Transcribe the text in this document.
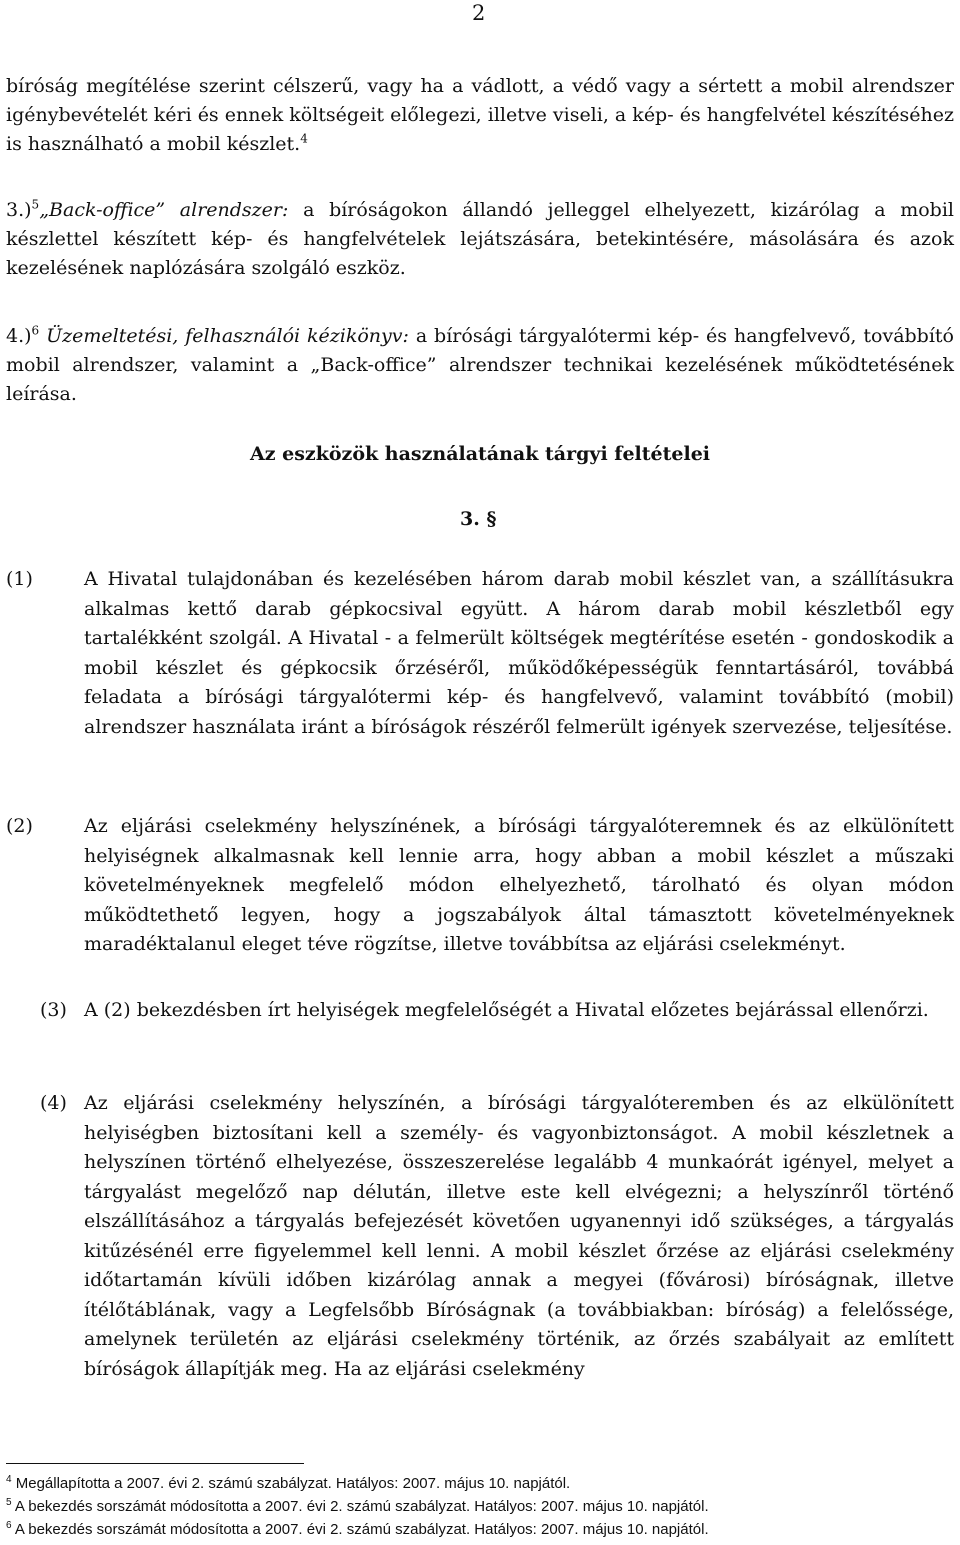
2

bíróság megítélése szerint célszerű, vagy ha a vádlott, a védő vagy a sértett a mobil alrendszer igénybevételét kéri és ennek költségeit előlegezi, illetve viseli, a kép- és hangfelvétel készítéséhez is használható a mobil készlet.$^4$

3.)$^5$„Back-office” alrendszer: a bíróságokon állandó jelleggel elhelyezett, kizárólag a mobil készlettel készített kép- és hangfelvételek lejátszására, betekintésére, másolására és azok kezelésének naplózására szolgáló eszköz.

4.)$^6$ Üzemeltetési, felhasználói kézikönyv: a bírósági tárgyalótermi kép- és hangfelvevő, továbbító mobil alrendszer, valamint a „Back-office” alrendszer technikai kezelésének működtetésének leírása.

Az eszközök használatának tárgyi feltételei
3. §
(1)	A Hivatal tulajdonában és kezelésében három darab mobil készlet van, a szállításukra alkalmas kettő darab gépkocsival együtt. A három darab mobil készletből egy tartalékként szolgál. A Hivatal - a felmerült költségek megtérítése esetén - gondoskodik a mobil készlet és gépkocsik őrzéséről, működőképességük fenntartásáról, továbbá feladata a bírósági tárgyalótermi kép- és hangfelvevő, valamint továbbító (mobil) alrendszer használata iránt a bíróságok részéről felmerült igények szervezése, teljesítése.
(2)	Az eljárási cselekmény helyszínének, a bírósági tárgyalóteremnek és az elkülönített helyiségnek alkalmasnak kell lennie arra, hogy abban a mobil készlet a műszaki követelményeknek megfelelő módon elhelyezhető, tárolható és olyan módon működtethető legyen, hogy a jogszabályok által támasztott követelményeknek maradéktalanul eleget téve rögzítse, illetve továbbítsa az eljárási cselekményt.
(3) A (2) bekezdésben írt helyiségek megfelelőségét a Hivatal előzetes bejárással ellenőrzi.
(4) Az eljárási cselekmény helyszínén, a bírósági tárgyalóteremben és az elkülönített helyiségben biztosítani kell a személy- és vagyonbiztonságot. A mobil készletnek a helyszínen történő elhelyezése, összeszerelése legalább 4 munkaórát igényel, melyet a tárgyalást megelőző nap délután, illetve este kell elvégezni; a helyszínről történő elszállításához a tárgyalás befejezését követően ugyanennyi idő szükséges, a tárgyalás kitűzésénél erre figyelemmel kell lenni. A mobil készlet őrzése az eljárási cselekmény időtartamán kívüli időben kizárólag annak a megyei (fővárosi) bíróságnak, illetve ítélőtáblának, vagy a Legfelsőbb Bíróságnak (a továbbiakban: bíróság) a felelőssége, amelynek területén az eljárási cselekmény történik, az őrzés szabályait az említett bíróságok állapítják meg. Ha az eljárási cselekmény
$^4$ Megállapította a 2007. évi 2. számú szabályzat. Hatályos: 2007. május 10. napjától.
$^5$ A bekezdés sorszámát módosította a 2007. évi 2. számú szabályzat. Hatályos: 2007. május 10. napjától.
$^6$ A bekezdés sorszámát módosította a 2007. évi 2. számú szabályzat. Hatályos: 2007. május 10. napjától.
